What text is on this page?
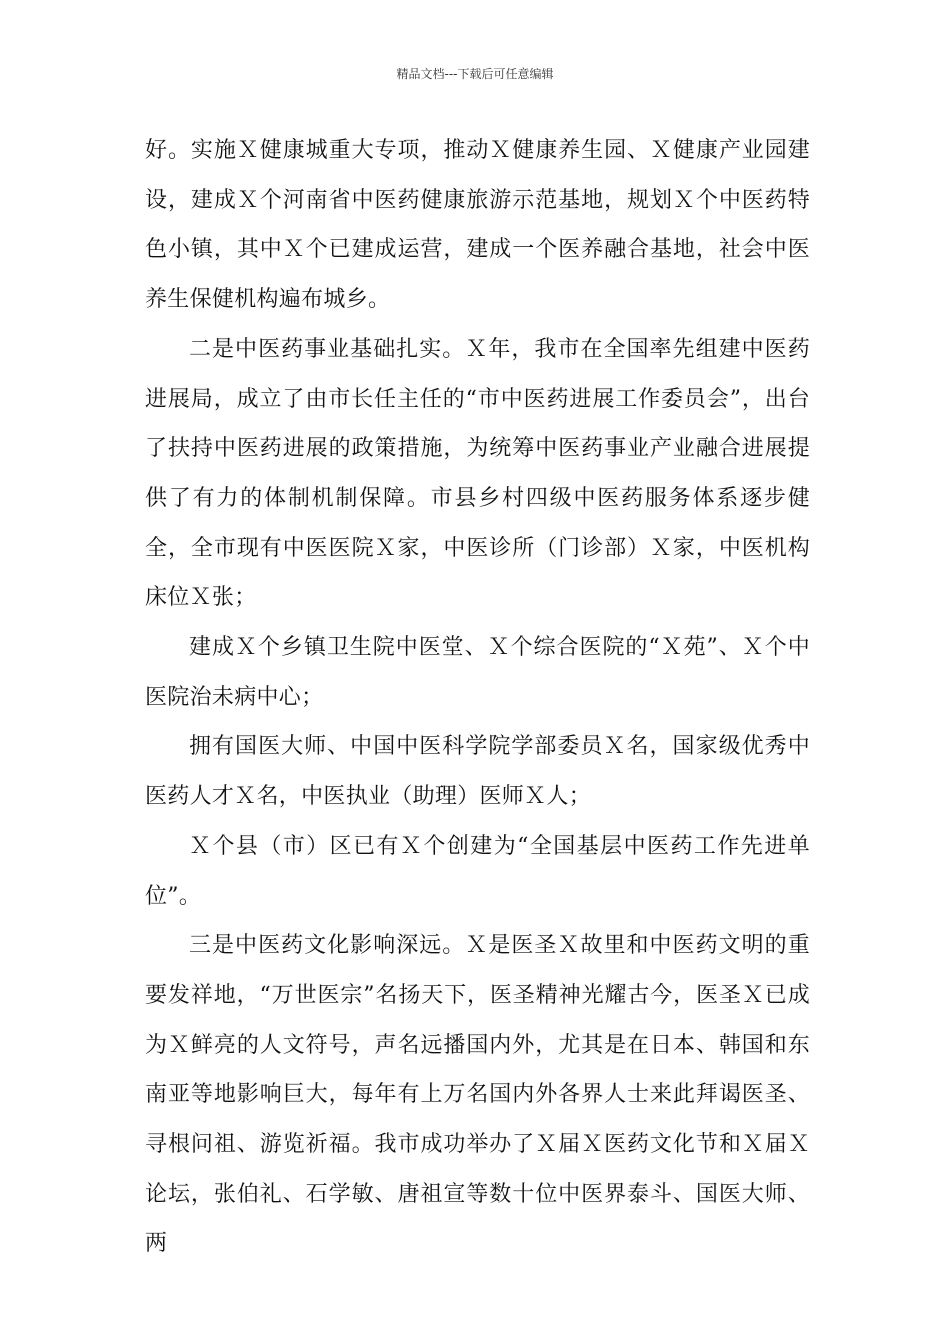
精品文档---下载后可任意编辑

好。实施Ｘ健康城重大专项，推动Ｘ健康养生园、Ｘ健康产业园建设，建成Ｘ个河南省中医药健康旅游示范基地，规划Ｘ个中医药特色小镇，其中Ｘ个已建成运营，建成一个医养融合基地，社会中医养生保健机构遍布城乡。

二是中医药事业基础扎实。Ｘ年，我市在全国率先组建中医药进展局，成立了由市长任主任的“市中医药进展工作委员会”，出台了扶持中医药进展的政策措施，为统筹中医药事业产业融合进展提供了有力的体制机制保障。市县乡村四级中医药服务体系逐步健全，全市现有中医医院Ｘ家，中医诊所（门诊部）Ｘ家，中医机构床位Ｘ张；

建成Ｘ个乡镇卫生院中医堂、Ｘ个综合医院的“Ｘ苑”、Ｘ个中医院治未病中心；

拥有国医大师、中国中医科学院学部委员Ｘ名，国家级优秀中医药人才Ｘ名，中医执业（助理）医师Ｘ人；

Ｘ个县（市）区已有Ｘ个创建为“全国基层中医药工作先进单位”。

三是中医药文化影响深远。Ｘ是医圣Ｘ故里和中医药文明的重要发祥地，“万世医宗”名扬天下，医圣精神光耀古今，医圣Ｘ已成为Ｘ鲜亮的人文符号，声名远播国内外，尤其是在日本、韩国和东南亚等地影响巨大，每年有上万名国内外各界人士来此拜谒医圣、寻根问祖、游览祈福。我市成功举办了Ｘ届Ｘ医药文化节和Ｘ届Ｘ论坛，张伯礼、石学敏、唐祖宣等数十位中医界泰斗、国医大师、两
